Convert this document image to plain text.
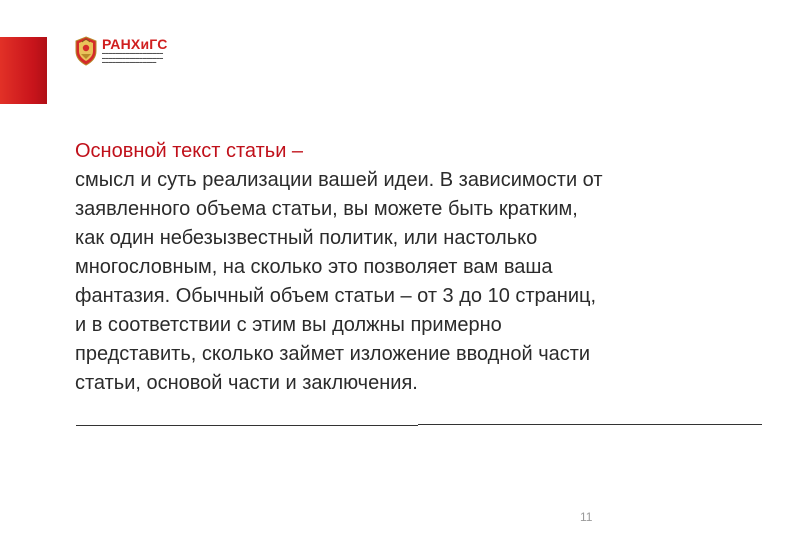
РАНХиГС
▬▬▬▬▬▬▬▬▬▬▬▬▬▬▬▬▬▬
▬▬▬▬▬▬▬▬▬▬▬▬▬▬▬▬▬▬
▬▬▬▬▬▬▬▬▬▬▬▬▬▬▬▬

Основной текст статьи –

смысл и суть реализации вашей идеи. В зависимости от

заявленного объема статьи, вы можете быть кратким,

как один небезызвестный политик, или настолько

многословным, на сколько это позволяет вам ваша

фантазия. Обычный объем статьи – от 3 до 10 страниц,

и в соответствии с этим вы должны примерно

представить, сколько займет изложение вводной части

статьи, основой части и заключения.

11
